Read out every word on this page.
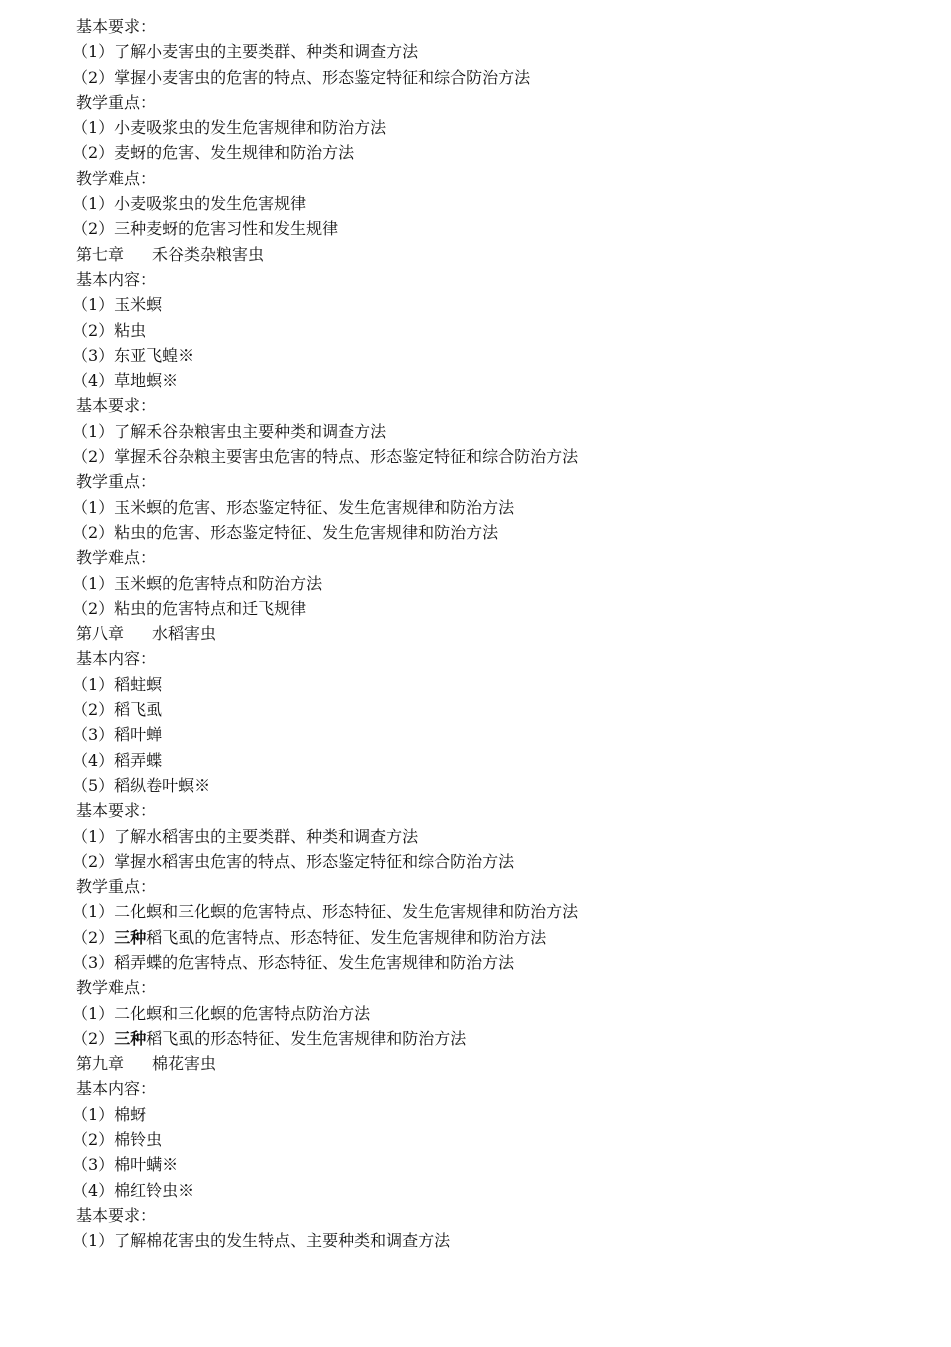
基本要求：
（1）了解小麦害虫的主要类群、种类和调查方法
（2）掌握小麦害虫的危害的特点、形态鉴定特征和综合防治方法
教学重点：
（1）小麦吸浆虫的发生危害规律和防治方法
（2）麦蚜的危害、发生规律和防治方法
教学难点：
（1）小麦吸浆虫的发生危害规律
（2）三种麦蚜的危害习性和发生规律
第七章 禾谷类杂粮害虫
基本内容：
（1）玉米螟
（2）粘虫
（3）东亚飞蝗※
（4）草地螟※
基本要求：
（1）了解禾谷杂粮害虫主要种类和调查方法
（2）掌握禾谷杂粮主要害虫危害的特点、形态鉴定特征和综合防治方法
教学重点：
（1）玉米螟的危害、形态鉴定特征、发生危害规律和防治方法
（2）粘虫的危害、形态鉴定特征、发生危害规律和防治方法
教学难点：
（1）玉米螟的危害特点和防治方法
（2）粘虫的危害特点和迁飞规律
第八章 水稻害虫
基本内容：
（1）稻蛀螟
（2）稻飞虱
（3）稻叶蝉
（4）稻弄蝶
（5）稻纵卷叶螟※
基本要求：
（1）了解水稻害虫的主要类群、种类和调查方法
（2）掌握水稻害虫危害的特点、形态鉴定特征和综合防治方法
教学重点：
（1）二化螟和三化螟的危害特点、形态特征、发生危害规律和防治方法
（2）三种稻飞虱的危害特点、形态特征、发生危害规律和防治方法
（3）稻弄蝶的危害特点、形态特征、发生危害规律和防治方法
教学难点：
（1）二化螟和三化螟的危害特点防治方法
（2）三种稻飞虱的形态特征、发生危害规律和防治方法
第九章 棉花害虫
基本内容：
（1）棉蚜
（2）棉铃虫
（3）棉叶螨※
（4）棉红铃虫※
基本要求：
（1）了解棉花害虫的发生特点、主要种类和调查方法
